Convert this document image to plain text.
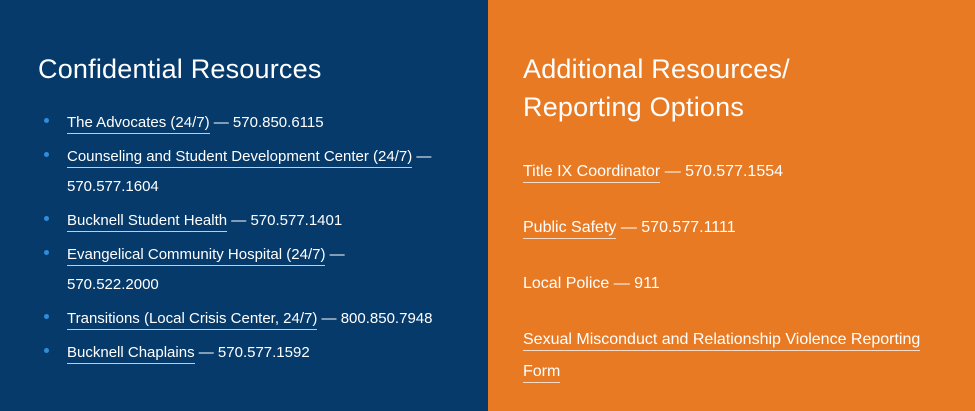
Confidential Resources
The Advocates (24/7) — 570.850.6115
Counseling and Student Development Center (24/7) — 570.577.1604
Bucknell Student Health — 570.577.1401
Evangelical Community Hospital (24/7) — 570.522.2000
Transitions (Local Crisis Center, 24/7) — 800.850.7948
Bucknell Chaplains — 570.577.1592
Additional Resources/
Reporting Options
Title IX Coordinator — 570.577.1554
Public Safety — 570.577.1111
Local Police — 911
Sexual Misconduct and Relationship Violence Reporting Form
